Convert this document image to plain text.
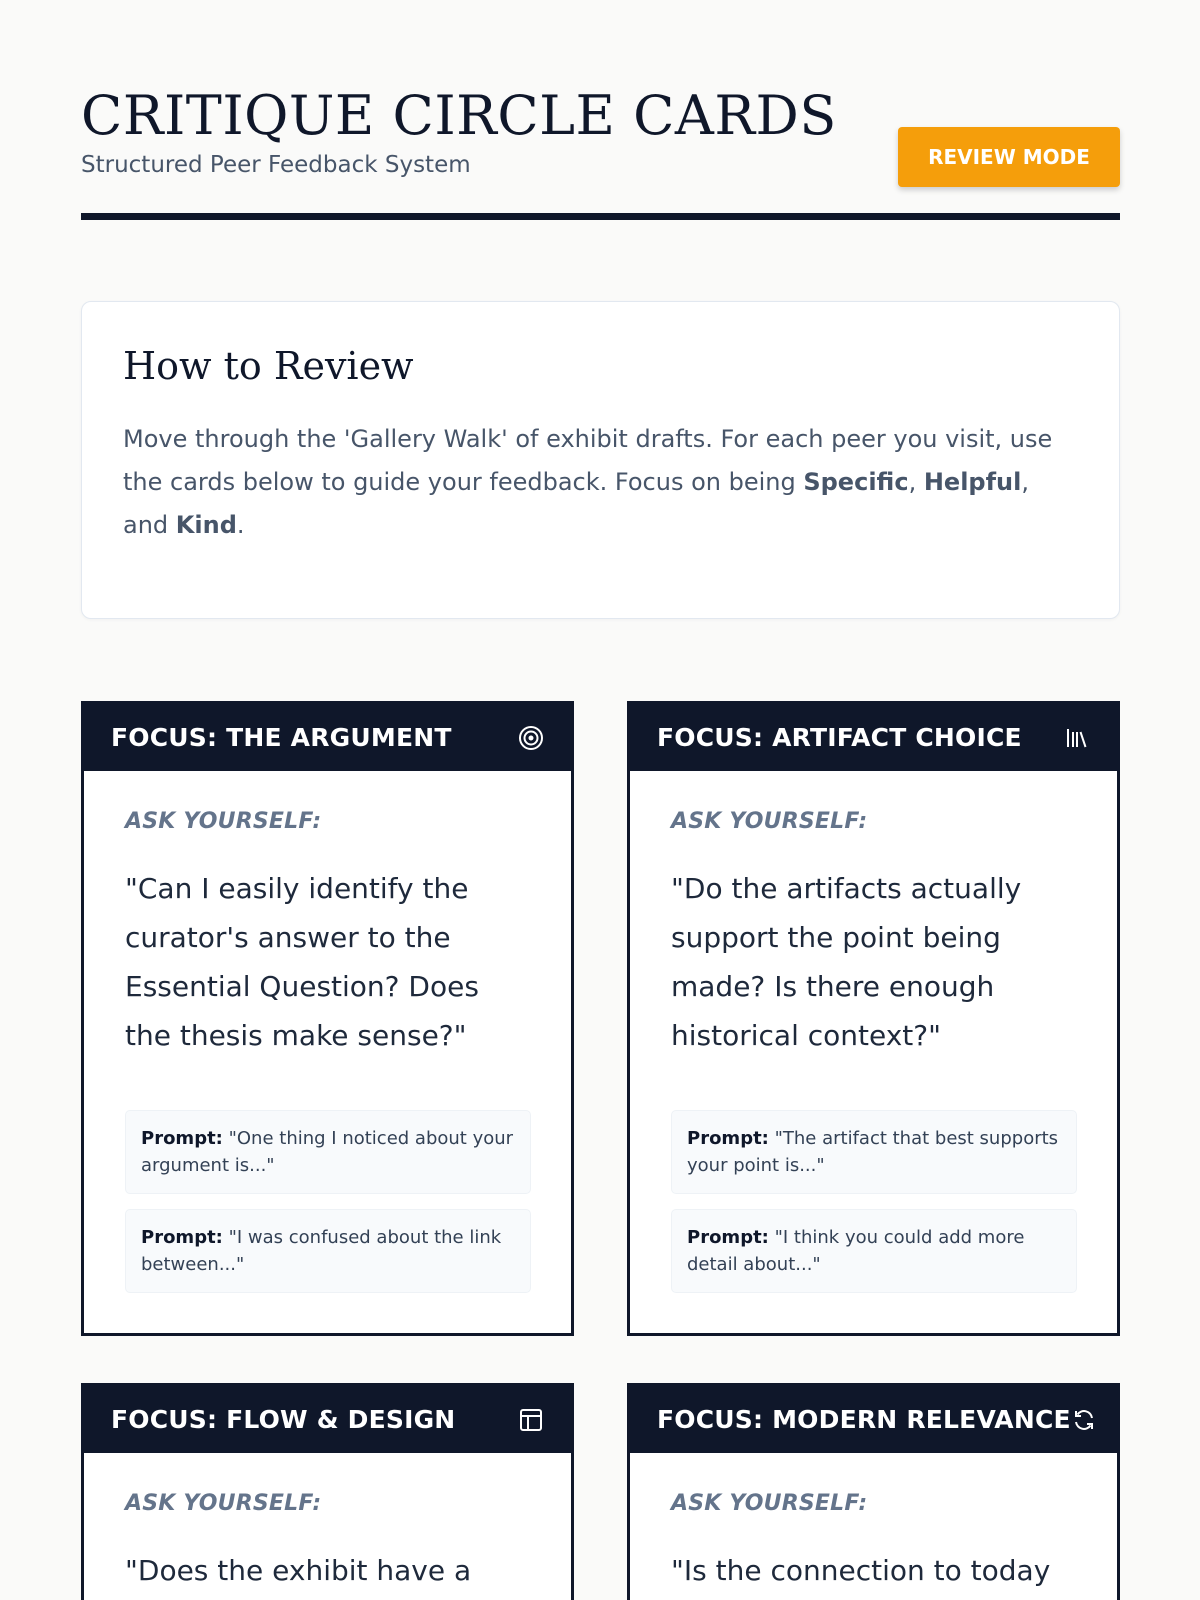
CRITIQUE CIRCLE CARDS
Structured Peer Feedback System	REVIEW MODE
How to Review

Move through the 'Gallery Walk' of exhibit drafts. For each peer you visit, use the cards below to guide your feedback. Focus on being Specific, Helpful, and Kind.

FOCUS: THE ARGUMENT
ASK YOURSELF:

"Can I easily identify the curator's answer to the Essential Question? Does the thesis make sense?"

Prompt: "One thing I noticed about your argument is..."
Prompt: "I was confused about the link between..."
FOCUS: ARTIFACT CHOICE
ASK YOURSELF:

"Do the artifacts actually support the point being made? Is there enough historical context?"

Prompt: "The artifact that best supports your point is..."
Prompt: "I think you could add more detail about..."
FOCUS: FLOW & DESIGN
ASK YOURSELF:

"Does the exhibit have a

FOCUS: MODERN RELEVANCE
ASK YOURSELF:

"Is the connection to today
